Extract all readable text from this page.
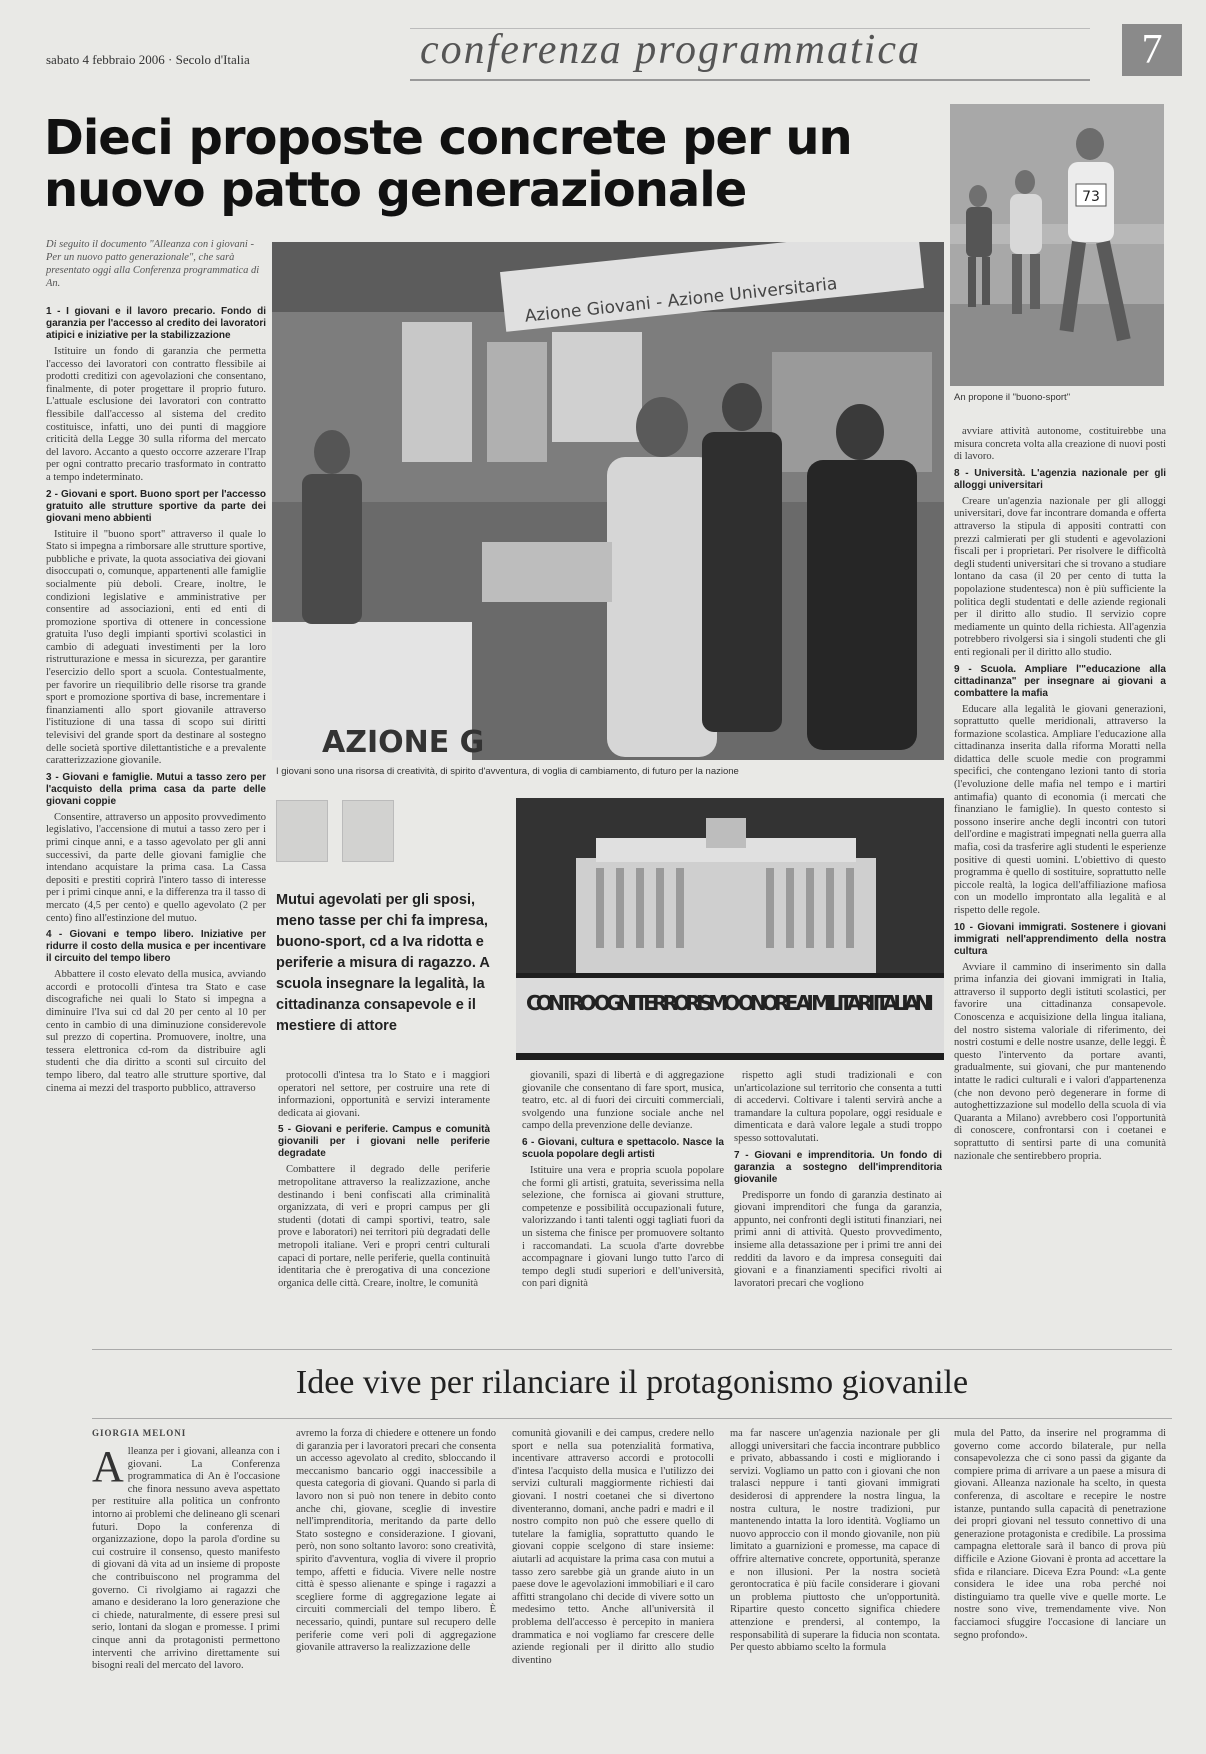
sabato 4 febbraio 2006 · Secolo d'Italia	conferenza programmatica	7
Dieci proposte concrete per un nuovo patto generazionale	73
An propone il "buono-sport"
Di seguito il documento "Alleanza con i giovani - Per un nuovo patto generazionale", che sarà presentato oggi alla Conferenza programmatica di An.	Azione Giovani - Azione Universitaria
AZIONE G
I giovani sono una risorsa di creatività, di spirito d'avventura, di voglia di cambiamento, di futuro per la nazione
Mutui agevolati per gli sposi, meno tasse per chi fa impresa, buono-sport, cd a Iva ridotta e periferie a misura di ragazzo. A scuola insegnare la legalità, la cittadinanza consapevole e il mestiere di attore
CONTRO OGNI TERRORISMO ONORE AI MILITARI ITALIANI

1 - I giovani e il lavoro precario. Fondo di garanzia per l'accesso al credito dei lavoratori atipici e iniziative per la stabilizzazione

Istituire un fondo di garanzia che permetta l'accesso dei lavoratori con contratto flessibile ai prodotti creditizi con agevolazioni che consentano, finalmente, di poter progettare il proprio futuro. L'attuale esclusione dei lavoratori con contratto flessibile dall'accesso al sistema del credito costituisce, infatti, uno dei punti di maggiore criticità della Legge 30 sulla riforma del mercato del lavoro. Accanto a questo occorre azzerare l'Irap per ogni contratto precario trasformato in contratto a tempo indeterminato.

2 - Giovani e sport. Buono sport per l'accesso gratuito alle strutture sportive da parte dei giovani meno abbienti

Istituire il "buono sport" attraverso il quale lo Stato si impegna a rimborsare alle strutture sportive, pubbliche e private, la quota associativa dei giovani disoccupati o, comunque, appartenenti alle famiglie socialmente più deboli. Creare, inoltre, le condizioni legislative e amministrative per consentire ad associazioni, enti ed enti di promozione sportiva di ottenere in concessione gratuita l'uso degli impianti sportivi scolastici in cambio di adeguati investimenti per la loro ristrutturazione e messa in sicurezza, per garantire l'esercizio dello sport a scuola. Contestualmente, per favorire un riequilibrio delle risorse tra grande sport e promozione sportiva di base, incrementare i finanziamenti allo sport giovanile attraverso l'istituzione di una tassa di scopo sui diritti televisivi del grande sport da destinare al sostegno delle società sportive dilettantistiche e a prevalente caratterizzazione giovanile.

3 - Giovani e famiglie. Mutui a tasso zero per l'acquisto della prima casa da parte delle giovani coppie

Consentire, attraverso un apposito provvedimento legislativo, l'accensione di mutui a tasso zero per i primi cinque anni, e a tasso agevolato per gli anni successivi, da parte delle giovani famiglie che intendano acquistare la prima casa. La Cassa depositi e prestiti coprirà l'intero tasso di interesse per i primi cinque anni, e la differenza tra il tasso di mercato (4,5 per cento) e quello agevolato (2 per cento) fino all'estinzione del mutuo.

4 - Giovani e tempo libero. Iniziative per ridurre il costo della musica e per incentivare il circuito del tempo libero

Abbattere il costo elevato della musica, avviando accordi e protocolli d'intesa tra Stato e case discografiche nei quali lo Stato si impegna a diminuire l'Iva sui cd dal 20 per cento al 10 per cento in cambio di una diminuzione considerevole sul prezzo di copertina. Promuovere, inoltre, una tessera elettronica cd-rom da distribuire agli studenti che dia diritto a sconti sul circuito del tempo libero, dal teatro alle strutture sportive, dal cinema ai mezzi del trasporto pubblico, attraverso

protocolli d'intesa tra lo Stato e i maggiori operatori nel settore, per costruire una rete di informazioni, opportunità e servizi interamente dedicata ai giovani.

5 - Giovani e periferie. Campus e comunità giovanili per i giovani nelle periferie degradate

Combattere il degrado delle periferie metropolitane attraverso la realizzazione, anche destinando i beni confiscati alla criminalità organizzata, di veri e propri campus per gli studenti (dotati di campi sportivi, teatro, sale prove e laboratori) nei territori più degradati delle metropoli italiane. Veri e propri centri culturali capaci di portare, nelle periferie, quella continuità identitaria che è prerogativa di una concezione organica delle città. Creare, inoltre, le comunità

giovanili, spazi di libertà e di aggregazione giovanile che consentano di fare sport, musica, teatro, etc. al di fuori dei circuiti commerciali, svolgendo una funzione sociale anche nel campo della prevenzione delle devianze.

6 - Giovani, cultura e spettacolo. Nasce la scuola popolare degli artisti

Istituire una vera e propria scuola popolare che formi gli artisti, gratuita, severissima nella selezione, che fornisca ai giovani strutture, competenze e possibilità occupazionali future, valorizzando i tanti talenti oggi tagliati fuori da un sistema che finisce per promuovere soltanto i raccomandati. La scuola d'arte dovrebbe accompagnare i giovani lungo tutto l'arco di tempo degli studi superiori e dell'università, con pari dignità

rispetto agli studi tradizionali e con un'articolazione sul territorio che consenta a tutti di accedervi. Coltivare i talenti servirà anche a tramandare la cultura popolare, oggi residuale e dimenticata e darà valore legale a studi troppo spesso sottovalutati.

7 - Giovani e imprenditoria. Un fondo di garanzia a sostegno dell'imprenditoria giovanile

Predisporre un fondo di garanzia destinato ai giovani imprenditori che funga da garanzia, appunto, nei confronti degli istituti finanziari, nei primi anni di attività. Questo provvedimento, insieme alla detassazione per i primi tre anni dei redditi da lavoro e da impresa conseguiti dai giovani e a finanziamenti specifici rivolti ai lavoratori precari che vogliono

avviare attività autonome, costituirebbe una misura concreta volta alla creazione di nuovi posti di lavoro.

8 - Università. L'agenzia nazionale per gli alloggi universitari

Creare un'agenzia nazionale per gli alloggi universitari, dove far incontrare domanda e offerta attraverso la stipula di appositi contratti con prezzi calmierati per gli studenti e agevolazioni fiscali per i proprietari. Per risolvere le difficoltà degli studenti universitari che si trovano a studiare lontano da casa (il 20 per cento di tutta la popolazione studentesca) non è più sufficiente la politica degli studentati e delle aziende regionali per il diritto allo studio. Il servizio copre mediamente un quinto della richiesta. All'agenzia potrebbero rivolgersi sia i singoli studenti che gli enti regionali per il diritto allo studio.

9 - Scuola. Ampliare l'"educazione alla cittadinanza" per insegnare ai giovani a combattere la mafia

Educare alla legalità le giovani generazioni, soprattutto quelle meridionali, attraverso la formazione scolastica. Ampliare l'educazione alla cittadinanza inserita dalla riforma Moratti nella didattica delle scuole medie con programmi specifici, che contengano lezioni tanto di storia (l'evoluzione delle mafia nel tempo e i martiri antimafia) quanto di economia (i mercati che finanziano le famiglie). In questo contesto si possono inserire anche degli incontri con tutori dell'ordine e magistrati impegnati nella guerra alla mafia, così da trasferire agli studenti le esperienze positive di questi uomini. L'obiettivo di questo programma è quello di sostituire, soprattutto nelle piccole realtà, la logica dell'affiliazione mafiosa con un modello improntato alla legalità e al rispetto delle regole.

10 - Giovani immigrati. Sostenere i giovani immigrati nell'apprendimento della nostra cultura

Avviare il cammino di inserimento sin dalla prima infanzia dei giovani immigrati in Italia, attraverso il supporto degli istituti scolastici, per favorire una cittadinanza consapevole. Conoscenza e acquisizione della lingua italiana, del nostro sistema valoriale di riferimento, dei nostri costumi e delle nostre usanze, delle leggi. È questo l'intervento da portare avanti, gradualmente, sui giovani, che pur mantenendo intatte le radici culturali e i valori d'appartenenza (che non devono però degenerare in forme di autoghettizzazione sul modello della scuola di via Quaranta a Milano) avrebbero così l'opportunità di conoscere, confrontarsi con i coetanei e soprattutto di sentirsi parte di una comunità nazionale che sentirebbero propria.

Idee vive per rilanciare il protagonismo giovanile
GIORGIA MELONI
A lleanza per i giovani, alleanza con i giovani. La Conferenza programmatica di An è l'occasione che finora nessuno aveva aspettato per restituire alla politica un confronto intorno ai problemi che delineano gli scenari futuri. Dopo la conferenza di organizzazione, dopo la parola d'ordine su cui costruire il consenso, questo manifesto di giovani dà vita ad un insieme di proposte che contribuiscono nel programma del governo. Ci rivolgiamo ai ragazzi che amano e desiderano la loro generazione che ci chiede, naturalmente, di essere presi sul serio, lontani da slogan e promesse. I primi cinque anni da protagonisti permettono interventi che arrivino direttamente sui bisogni reali del mercato del lavoro.
avremo la forza di chiedere e ottenere un fondo di garanzia per i lavoratori precari che consenta un accesso agevolato al credito, sbloccando il meccanismo bancario oggi inaccessibile a questa categoria di giovani. Quando si parla di lavoro non si può non tenere in debito conto anche chi, giovane, sceglie di investire nell'imprenditoria, meritando da parte dello Stato sostegno e considerazione. I giovani, però, non sono soltanto lavoro: sono creatività, spirito d'avventura, voglia di vivere il proprio tempo, affetti e fiducia. Vivere nelle nostre città è spesso alienante e spinge i ragazzi a scegliere forme di aggregazione legate ai circuiti commerciali del tempo libero. È necessario, quindi, puntare sul recupero delle periferie come veri poli di aggregazione giovanile attraverso la realizzazione delle
comunità giovanili e dei campus, credere nello sport e nella sua potenzialità formativa, incentivare attraverso accordi e protocolli d'intesa l'acquisto della musica e l'utilizzo dei servizi culturali maggiormente richiesti dai giovani. I nostri coetanei che si divertono diventeranno, domani, anche padri e madri e il nostro compito non può che essere quello di tutelare la famiglia, soprattutto quando le giovani coppie scelgono di stare insieme: aiutarli ad acquistare la prima casa con mutui a tasso zero sarebbe già un grande aiuto in un paese dove le agevolazioni immobiliari e il caro affitti strangolano chi decide di vivere sotto un medesimo tetto. Anche all'università il problema dell'accesso è percepito in maniera drammatica e noi vogliamo far crescere delle aziende regionali per il diritto allo studio diventino
ma far nascere un'agenzia nazionale per gli alloggi universitari che faccia incontrare pubblico e privato, abbassando i costi e migliorando i servizi. Vogliamo un patto con i giovani che non tralasci neppure i tanti giovani immigrati desiderosi di apprendere la nostra lingua, la nostra cultura, le nostre tradizioni, pur mantenendo intatta la loro identità. Vogliamo un nuovo approccio con il mondo giovanile, non più limitato a guarnizioni e promesse, ma capace di offrire alternative concrete, opportunità, speranze e non illusioni. Per la nostra società gerontocratica è più facile considerare i giovani un problema piuttosto che un'opportunità. Ripartire questo concetto significa chiedere attenzione e prendersi, al contempo, la responsabilità di superare la fiducia non scontata. Per questo abbiamo scelto la formula
mula del Patto, da inserire nel programma di governo come accordo bilaterale, pur nella consapevolezza che ci sono passi da gigante da compiere prima di arrivare a un paese a misura di giovani. Alleanza nazionale ha scelto, in questa conferenza, di ascoltare e recepire le nostre istanze, puntando sulla capacità di penetrazione dei propri giovani nel tessuto connettivo di una generazione protagonista e credibile. La prossima campagna elettorale sarà il banco di prova più difficile e Azione Giovani è pronta ad accettare la sfida e rilanciare. Diceva Ezra Pound: «La gente considera le idee una roba perché noi distinguiamo tra quelle vive e quelle morte. Le nostre sono vive, tremendamente vive. Non facciamoci sfuggire l'occasione di lanciare un segno profondo».
